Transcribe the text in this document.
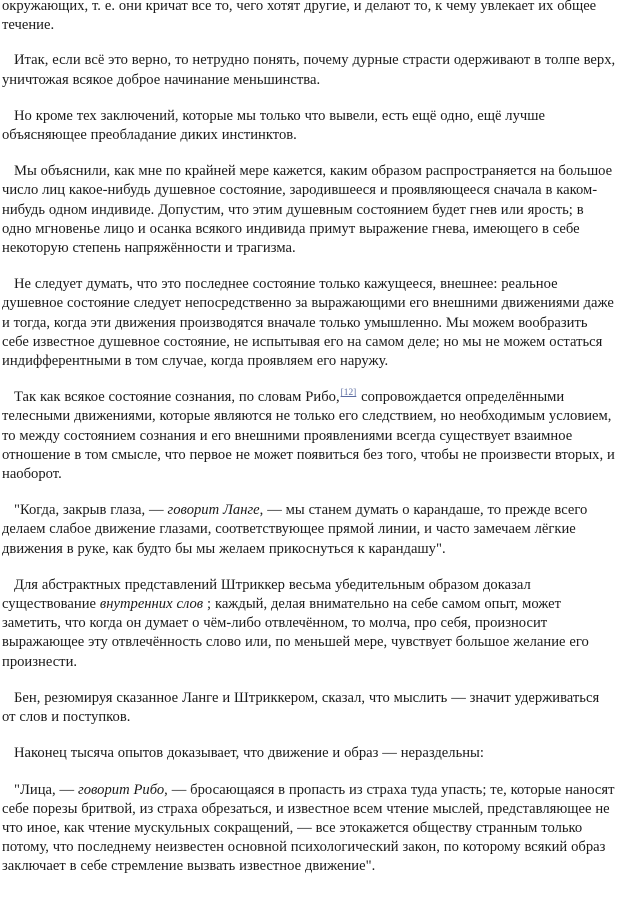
окружающих, т. е. они кричат все то, чего хотят другие, и делают то, к чему увлекает их общее течение.

Итак, если всё это верно, то нетрудно понять, почему дурные страсти одерживают в толпе верх, уничтожая всякое доброе начинание меньшинства.

Но кроме тех заключений, которые мы только что вывели, есть ещё одно, ещё лучше объясняющее преобладание диких инстинктов.

Мы объяснили, как мне по крайней мере кажется, каким образом распространяется на большое число лиц какое-нибудь душевное состояние, зародившееся и проявляющееся сначала в каком-нибудь одном индивиде. Допустим, что этим душевным состоянием будет гнев или ярость; в одно мгновенье лицо и осанка всякого индивида примут выражение гнева, имеющего в себе некоторую степень напряжённости и трагизма.

Не следует думать, что это последнее состояние только кажущееся, внешнее: реальное душевное состояние следует непосредственно за выражающими его внешними движениями даже и тогда, когда эти движения производятся вначале только умышленно. Мы можем вообразить себе известное душевное состояние, не испытывая его на самом деле; но мы не можем остаться индифферентными в том случае, когда проявляем его наружу.

Так как всякое состояние сознания, по словам Рибо,[12] сопровождается определёнными телесными движениями, которые являются не только его следствием, но необходимым условием, то между состоянием сознания и его внешними проявлениями всегда существует взаимное отношение в том смысле, что первое не может появиться без того, чтобы не произвести вторых, и наоборот.

"Когда, закрыв глаза, — говорит Ланге, — мы станем думать о карандаше, то прежде всего делаем слабое движение глазами, соответствующее прямой линии, и часто замечаем лёгкие движения в руке, как будто бы мы желаем прикоснуться к карандашу".

Для абстрактных представлений Штриккер весьма убедительным образом доказал существование внутренних слов ; каждый, делая внимательно на себе самом опыт, может заметить, что когда он думает о чём-либо отвлечённом, то молча, про себя, произносит выражающее эту отвлечённость слово или, по меньшей мере, чувствует большое желание его произнести.

Бен, резюмируя сказанное Ланге и Штриккером, сказал, что мыслить — значит удерживаться от слов и поступков.

Наконец тысяча опытов доказывает, что движение и образ — нераздельны:

"Лица, — говорит Рибо, — бросающаяся в пропасть из страха туда упасть; те, которые наносят себе порезы бритвой, из страха обрезаться, и известное всем чтение мыслей, представляющее не что иное, как чтение мускульных сокращений, — все этокажется обществу странным только потому, что последнему неизвестен основной психологический закон, по которому всякий образ заключает в себе стремление вызвать известное движение".
